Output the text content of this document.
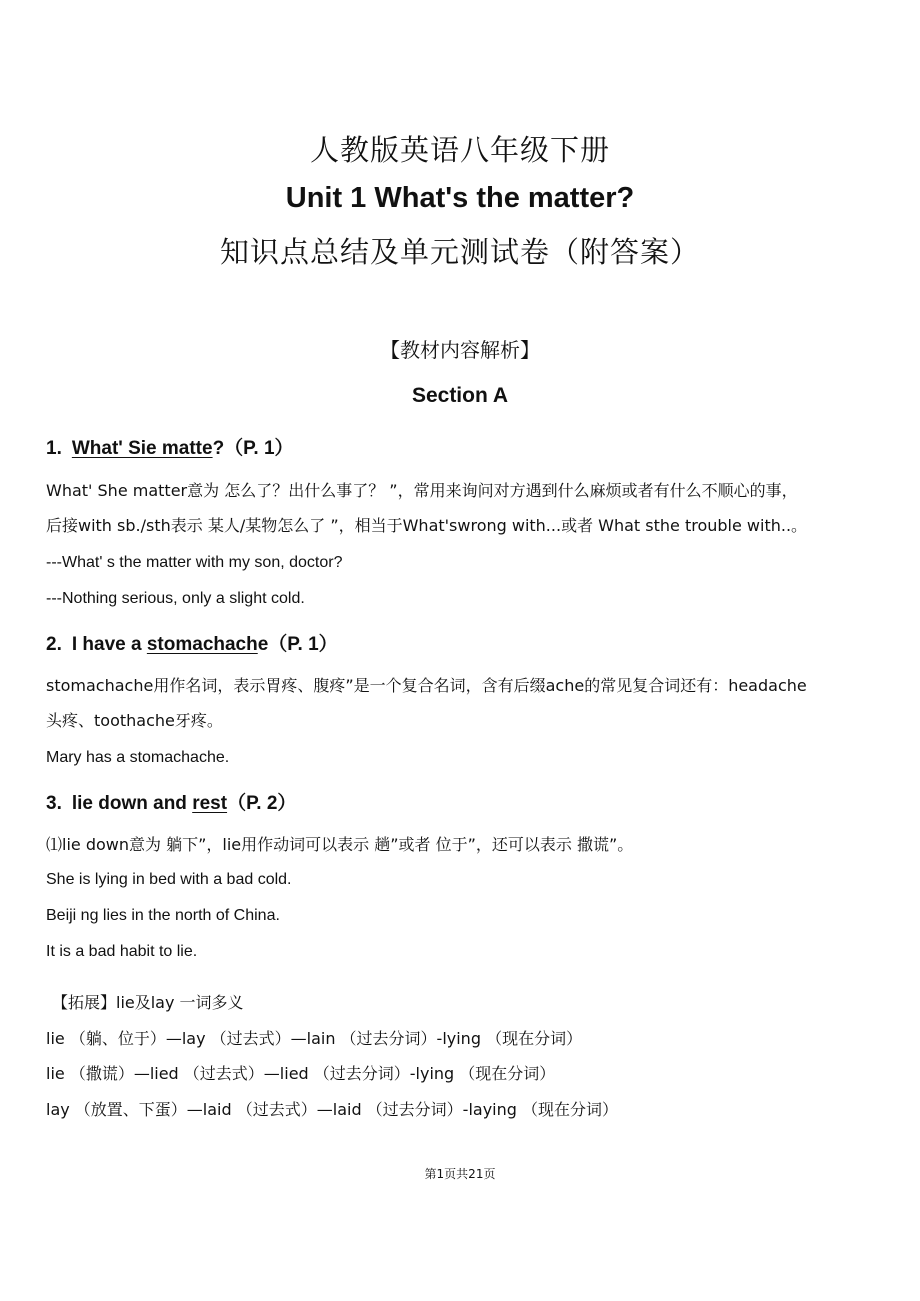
人教版英语八年级下册
Unit 1 What's the matter?
知识点总结及单元测试卷（附答案）
【教材内容解析】
Section A
1. What' Sie matte?（P. 1）
What' She matter意为 怎么了？出什么事了？ ”，常用来询问对方遇到什么麻烦或者有什么不顺心的事，
后接with sb./sth表示 某人/某物怎么了 ”，相当于What'swrong with...或者 What sthe trouble with..。
---What' s the matter with my son, doctor?
---Nothing serious, only a slight cold.
2. I have a stomachache（P. 1）
stomachache用作名词，表示胃疼、腹疼”是一个复合名词，含有后缀ache的常见复合词还有：headache
头疼、toothache牙疼。
Mary has a stomachache.
3. lie down and rest（P. 2）
⑴lie down意为 躺下”，lie用作动词可以表示 趟”或者 位于”，还可以表示 撒谎”。
She is lying in bed with a bad cold.
Beiji ng lies in the north of China.
It is a bad habit to lie.
【拓展】lie及lay 一词多义
lie （躺、位于）—lay （过去式）—lain （过去分词）-lying （现在分词）
lie （撒谎）—lied （过去式）—lied （过去分词）-lying （现在分词）
lay （放置、下蛋）—laid （过去式）—laid （过去分词）-laying （现在分词）
第1页共21页
